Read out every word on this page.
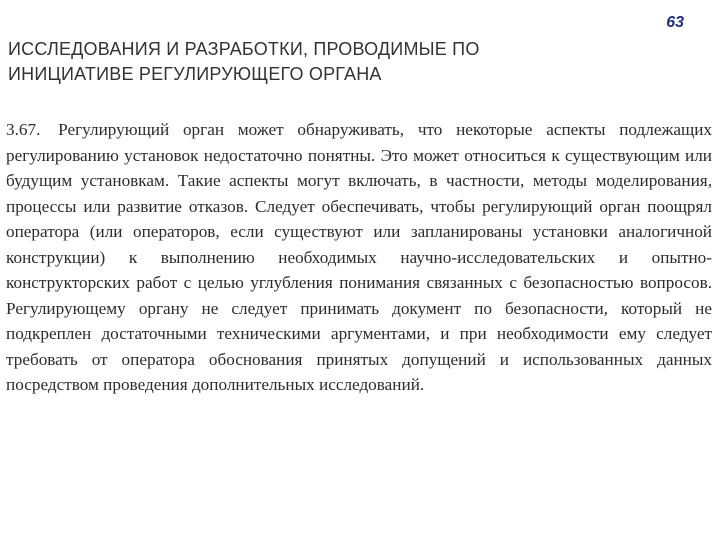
63
ИССЛЕДОВАНИЯ И РАЗРАБОТКИ, ПРОВОДИМЫЕ ПО
ИНИЦИАТИВЕ РЕГУЛИРУЮЩЕГО ОРГАНА
3.67. Регулирующий орган может обнаруживать, что некоторые аспекты подлежащих регулированию установок недостаточно понятны. Это может относиться к существующим или будущим установкам. Такие аспекты могут включать, в частности, методы моделирования, процессы или развитие отказов. Следует обеспечивать, чтобы регулирующий орган поощрял оператора (или операторов, если существуют или запланированы установки аналогичной конструкции) к выполнению необходимых научно-исследовательских и опытно-конструкторских работ с целью углубления понимания связанных с безопасностью вопросов. Регулирующему органу не следует принимать документ по безопасности, который не подкреплен достаточными техническими аргументами, и при необходимости ему следует требовать от оператора обоснования принятых допущений и использованных данных посредством проведения дополнительных исследований.
